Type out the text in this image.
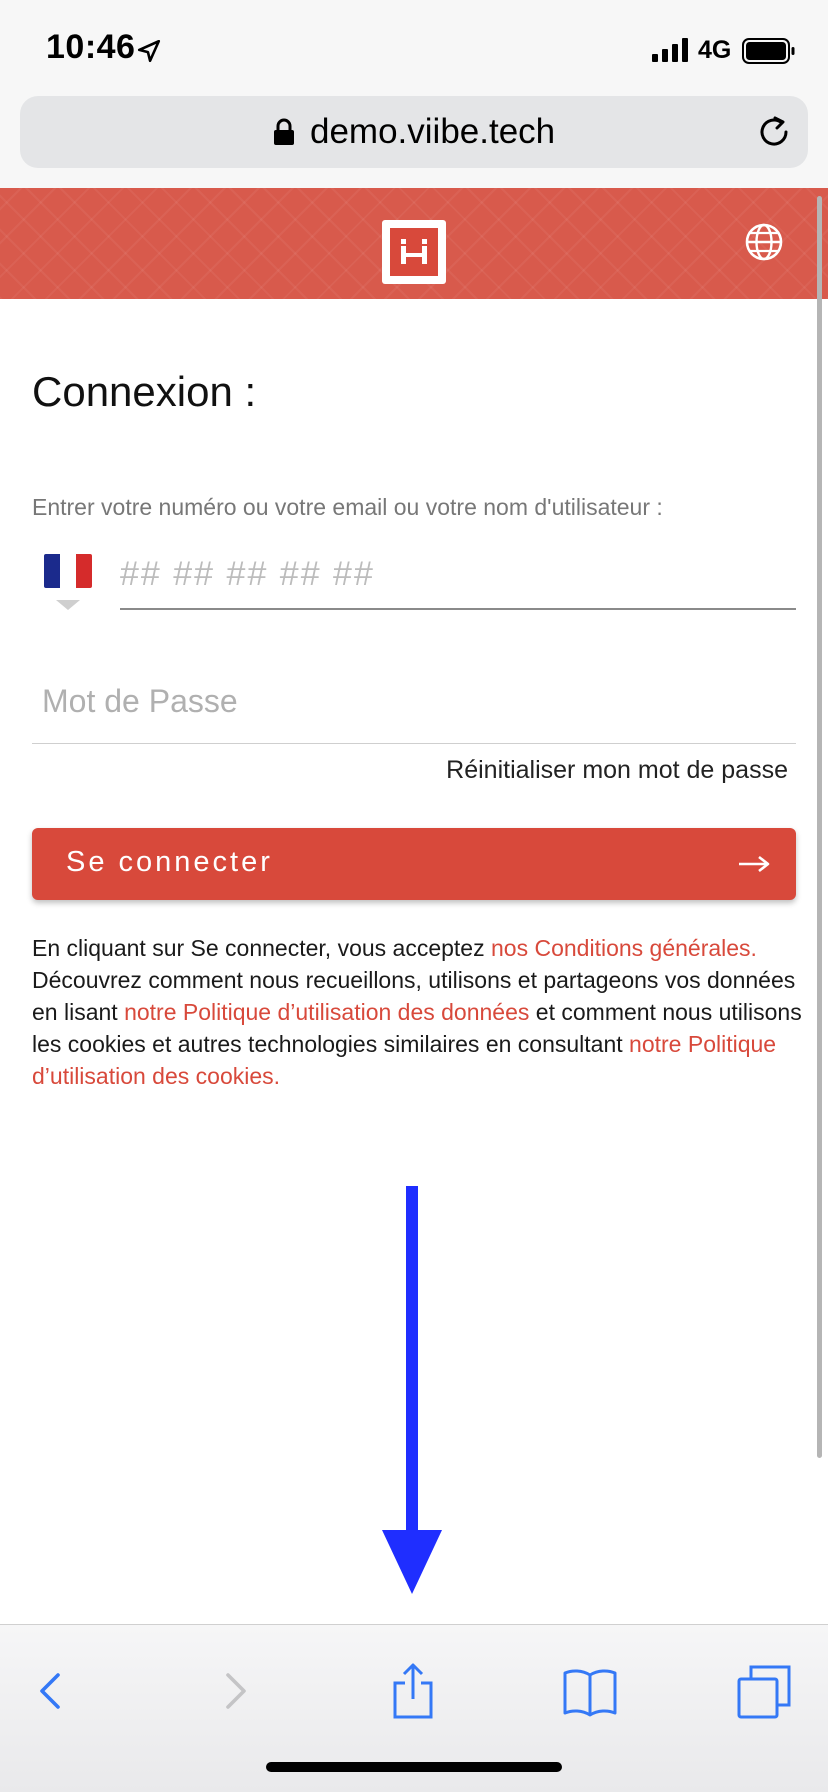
10:46	4G
demo.viibe.tech
Connexion :
Entrer votre numéro ou votre email ou votre nom d'utilisateur :
## ## ## ## ##
Réinitialiser mon mot de passe
Se connecter

En cliquant sur Se connecter, vous acceptez nos Conditions générales. Découvrez comment nous recueillons, utilisons et partageons vos données en lisant notre Politique d’utilisation des données et comment nous utilisons les cookies et autres technologies similaires en consultant notre Politique d’utilisation des cookies.
